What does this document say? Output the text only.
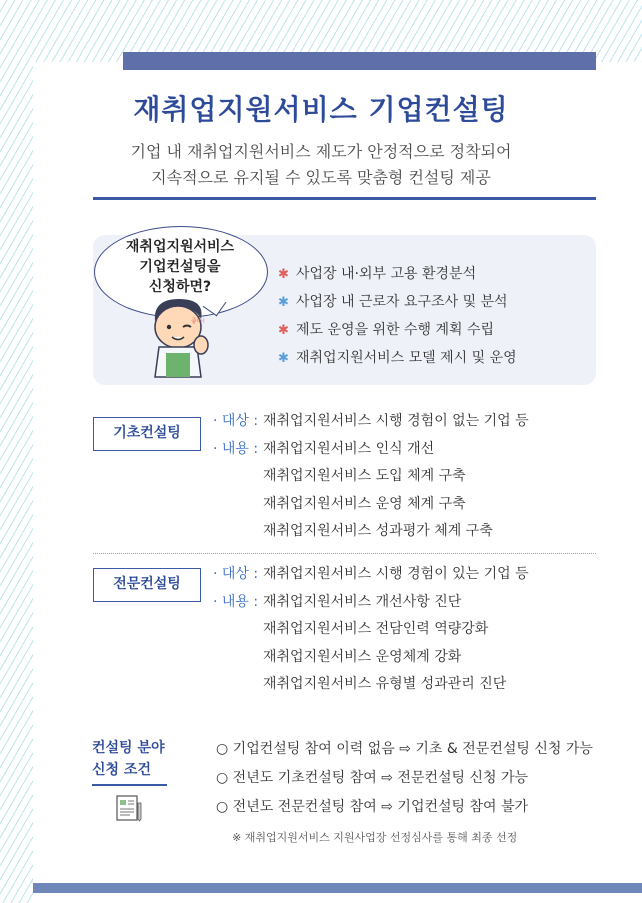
재취업지원서비스 기업컨설팅
기업 내 재취업지원서비스 제도가 안정적으로 정착되어
지속적으로 유지될 수 있도록 맞춤형 컨설팅 제공
재취업지원서비스
기업컨설팅을
신청하면?
좋아!
✱ 사업장 내·외부 고용 환경분석
✱ 사업장 내 근로자 요구조사 및 분석
✱ 제도 운영을 위한 수행 계획 수립
✱ 재취업지원서비스 모델 제시 및 운영
기초컨설팅
· 대상 : 재취업지원서비스 시행 경험이 없는 기업 등
· 내용 : 재취업지원서비스 인식 개선
재취업지원서비스 도입 체계 구축
재취업지원서비스 운영 체계 구축
재취업지원서비스 성과평가 체계 구축
전문컨설팅
· 대상 : 재취업지원서비스 시행 경험이 있는 기업 등
· 내용 : 재취업지원서비스 개선사항 진단
재취업지원서비스 전담인력 역량강화
재취업지원서비스 운영체계 강화
재취업지원서비스 유형별 성과관리 진단
컨설팅 분야
신청 조건
○ 기업컨설팅 참여 이력 없음 ⇨ 기초 & 전문컨설팅 신청 가능
○ 전년도 기초컨설팅 참여 ⇨ 전문컨설팅 신청 가능
○ 전년도 전문컨설팅 참여 ⇨ 기업컨설팅 참여 불가
※ 재취업지원서비스 지원사업장 선정심사를 통해 최종 선정
